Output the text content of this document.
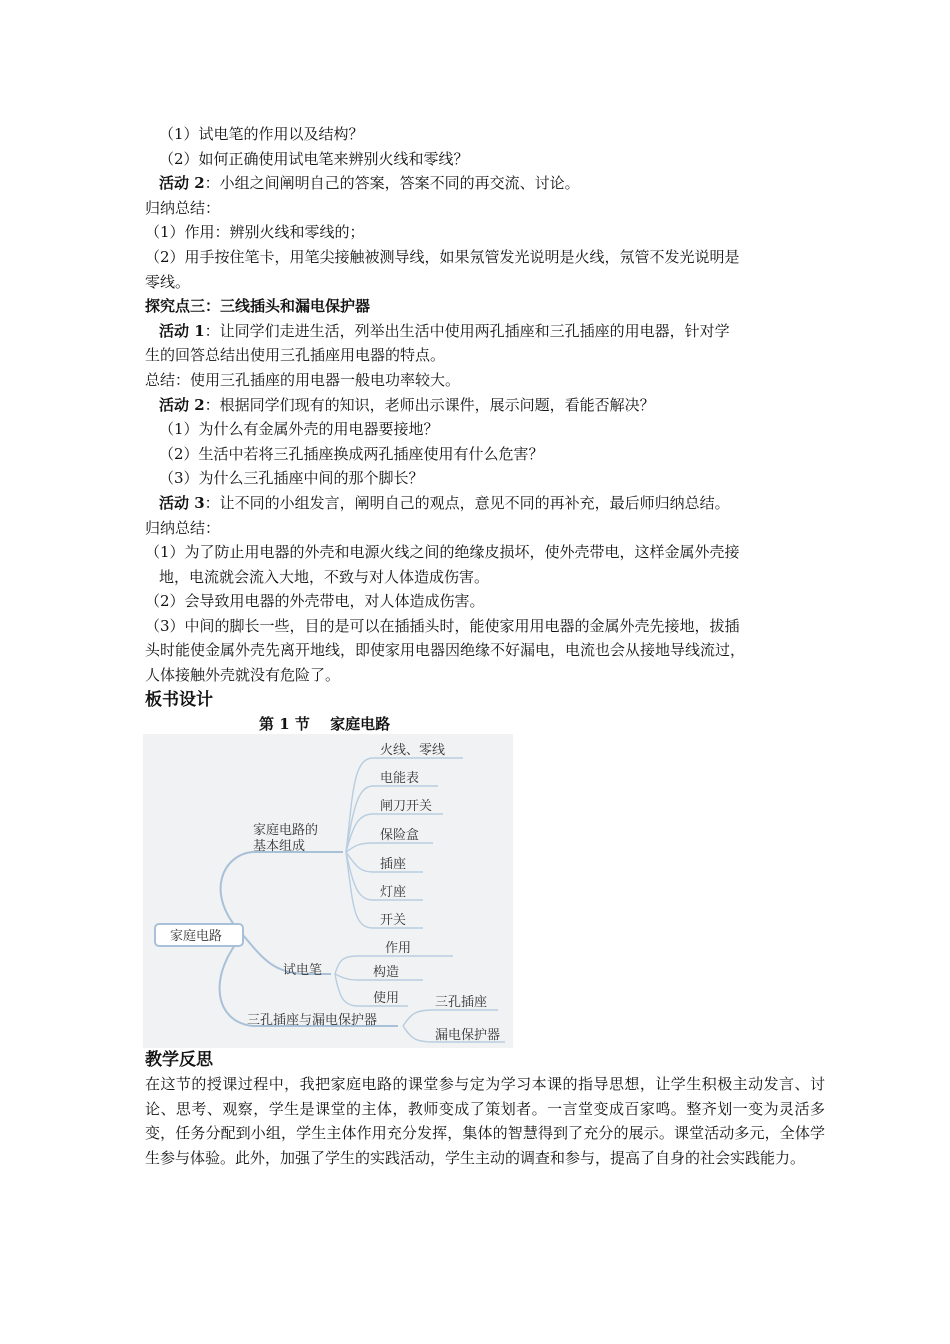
（1）试电笔的作用以及结构？
（2）如何正确使用试电笔来辨别火线和零线？
活动 2：小组之间阐明自己的答案，答案不同的再交流、讨论。
归纳总结：
（1）作用：辨别火线和零线的；
（2）用手按住笔卡，用笔尖接触被测导线，如果氖管发光说明是火线，氖管不发光说明是
零线。
探究点三：三线插头和漏电保护器
活动 1：让同学们走进生活，列举出生活中使用两孔插座和三孔插座的用电器，针对学
生的回答总结出使用三孔插座用电器的特点。
总结：使用三孔插座的用电器一般电功率较大。
活动 2：根据同学们现有的知识，老师出示课件，展示问题，看能否解决？
（1）为什么有金属外壳的用电器要接地？
（2）生活中若将三孔插座换成两孔插座使用有什么危害？
（3）为什么三孔插座中间的那个脚长？
活动 3：让不同的小组发言，阐明自己的观点，意见不同的再补充，最后师归纳总结。
归纳总结：
（1）为了防止用电器的外壳和电源火线之间的绝缘皮损坏，使外壳带电，这样金属外壳接
地，电流就会流入大地，不致与对人体造成伤害。
（2）会导致用电器的外壳带电，对人体造成伤害。
（3）中间的脚长一些，目的是可以在插插头时，能使家用用电器的金属外壳先接地，拔插
头时能使金属外壳先离开地线，即使家用电器因绝缘不好漏电，电流也会从接地导线流过，
人体接触外壳就没有危险了。
板书设计
第 1 节　 家庭电路
家庭电路
家庭电路的
基本组成
火线、零线
电能表
闸刀开关
保险盒
插座
灯座
开关
试电笔
作用
构造
使用
三孔插座与漏电保护器
三孔插座
漏电保护器
教学反思
在这节的授课过程中，我把家庭电路的课堂参与定为学习本课的指导思想，让学生积极主动发言、讨论、思考、观察，学生是课堂的主体，教师变成了策划者。一言堂变成百家鸣。整齐划一变为灵活多变，任务分配到小组，学生主体作用充分发挥，集体的智慧得到了充分的展示。课堂活动多元，全体学生参与体验。此外，加强了学生的实践活动，学生主动的调查和参与，提高了自身的社会实践能力。
